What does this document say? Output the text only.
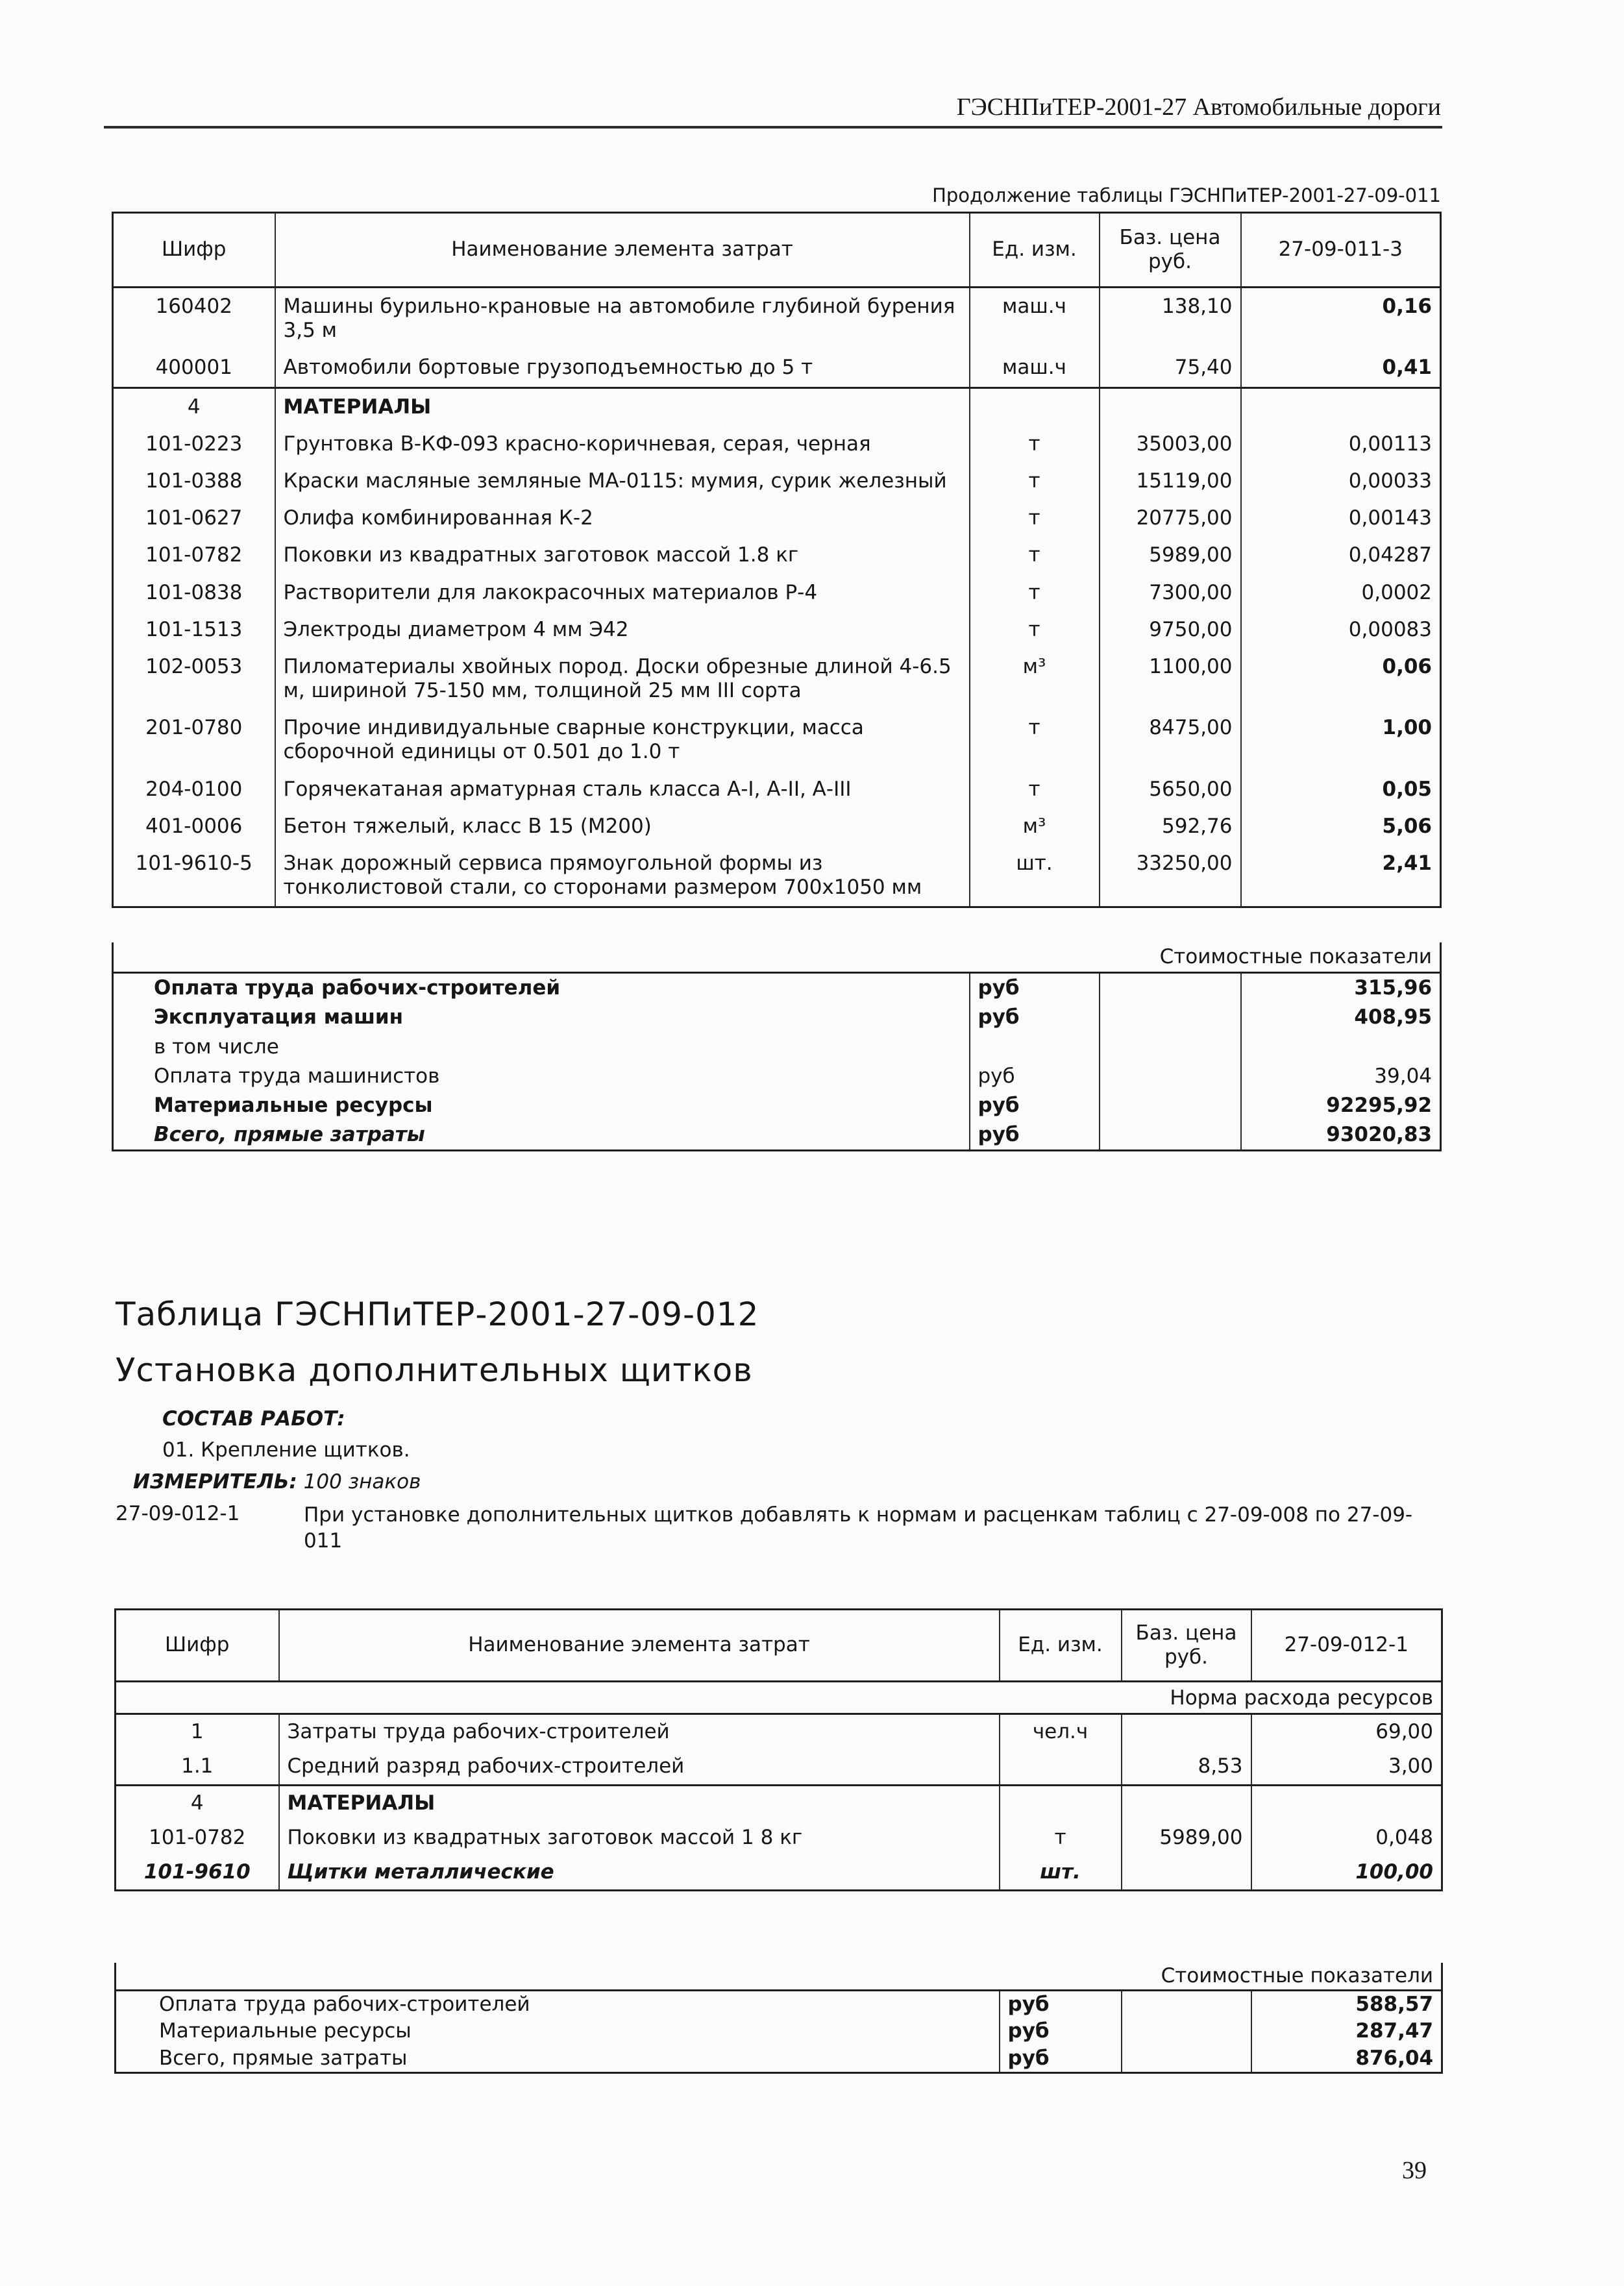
ГЭСНПиТЕР-2001-27 Автомобильные дороги
Продолжение таблицы ГЭСНПиТЕР-2001-27-09-011
Шифр	Наименование элемента затрат	Ед. изм.	Баз. цена руб.	27-09-011-3
160402	Машины бурильно-крановые на автомобиле глубиной бурения 3,5 м	маш.ч	138,10	0,16
400001	Автомобили бортовые грузоподъемностью до 5 т	маш.ч	75,40	0,41
4	МАТЕРИАЛЫ			
101-0223	Грунтовка В-КФ-093 красно-коричневая, серая, черная	т	35003,00	0,00113
101-0388	Краски масляные земляные МА-0115: мумия, сурик железный	т	15119,00	0,00033
101-0627	Олифа комбинированная К-2	т	20775,00	0,00143
101-0782	Поковки из квадратных заготовок массой 1.8 кг	т	5989,00	0,04287
101-0838	Растворители для лакокрасочных материалов Р-4	т	7300,00	0,0002
101-1513	Электроды диаметром 4 мм Э42	т	9750,00	0,00083
102-0053	Пиломатериалы хвойных пород. Доски обрезные длиной 4-6.5 м, шириной 75-150 мм, толщиной 25 мм III сорта	м³	1100,00	0,06
201-0780	Прочие индивидуальные сварные конструкции, масса сборочной единицы от 0.501 до 1.0 т	т	8475,00	1,00
204-0100	Горячекатаная арматурная сталь класса А-I, А-II, А-III	т	5650,00	0,05
401-0006	Бетон тяжелый, класс В 15 (М200)	м³	592,76	5,06
101-9610-5	Знак дорожный сервиса прямоугольной формы из тонколистовой стали, со сторонами размером 700х1050 мм	шт.	33250,00	2,41
Стоимостные показатели			
Оплата труда рабочих-строителей	руб		315,96
Эксплуатация машин	руб		408,95
в том числе			
Оплата труда машинистов	руб		39,04
Материальные ресурсы	руб		92295,92
Всего, прямые затраты	руб		93020,83
Таблица ГЭСНПиТЕР-2001-27-09-012
Установка дополнительных щитков
СОСТАВ РАБОТ:
01. Крепление щитков.
ИЗМЕРИТЕЛЬ: 100 знаков
27-09-012-1	При установке дополнительных щитков добавлять к нормам и расценкам таблиц с 27-09-008 по 27-09-011
Шифр	Наименование элемента затрат	Ед. изм.	Баз. цена руб.	27-09-012-1
Норма расхода ресурсов				
1	Затраты труда рабочих-строителей	чел.ч		69,00
1.1	Средний разряд рабочих-строителей		8,53	3,00
4	МАТЕРИАЛЫ			
101-0782	Поковки из квадратных заготовок массой 1 8 кг	т	5989,00	0,048
101-9610	Щитки металлические	шт.		100,00
Стоимостные показатели			
Оплата труда рабочих-строителей	руб		588,57
Материальные ресурсы	руб		287,47
Всего, прямые затраты	руб		876,04
39
